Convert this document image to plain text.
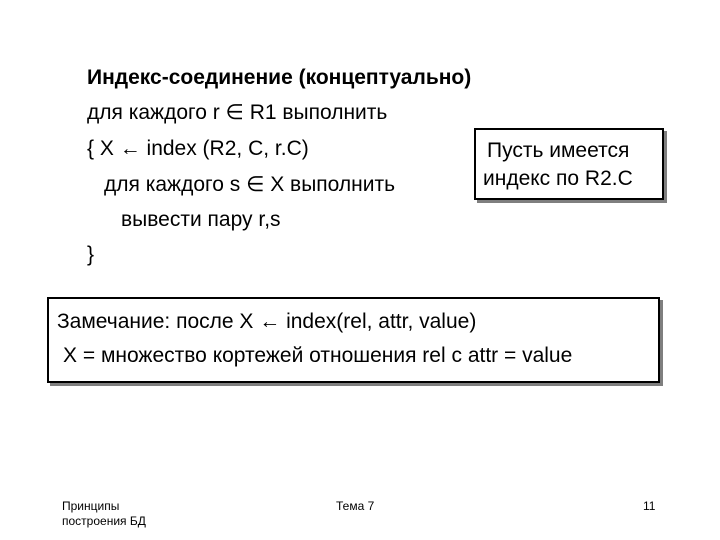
Индекс-соединение (концептуально)
для каждого r ∈ R1 выполнить
{ X ← index (R2, C, r.C)
для каждого s ∈ X выполнить
вывести пару r,s
}
Пусть имеется
индекс по R2.C
Замечание: после X ← index(rel, attr, value)
X = множество кортежей отношения rel с attr = value
Принципы
построения БД
Тема 7	11
